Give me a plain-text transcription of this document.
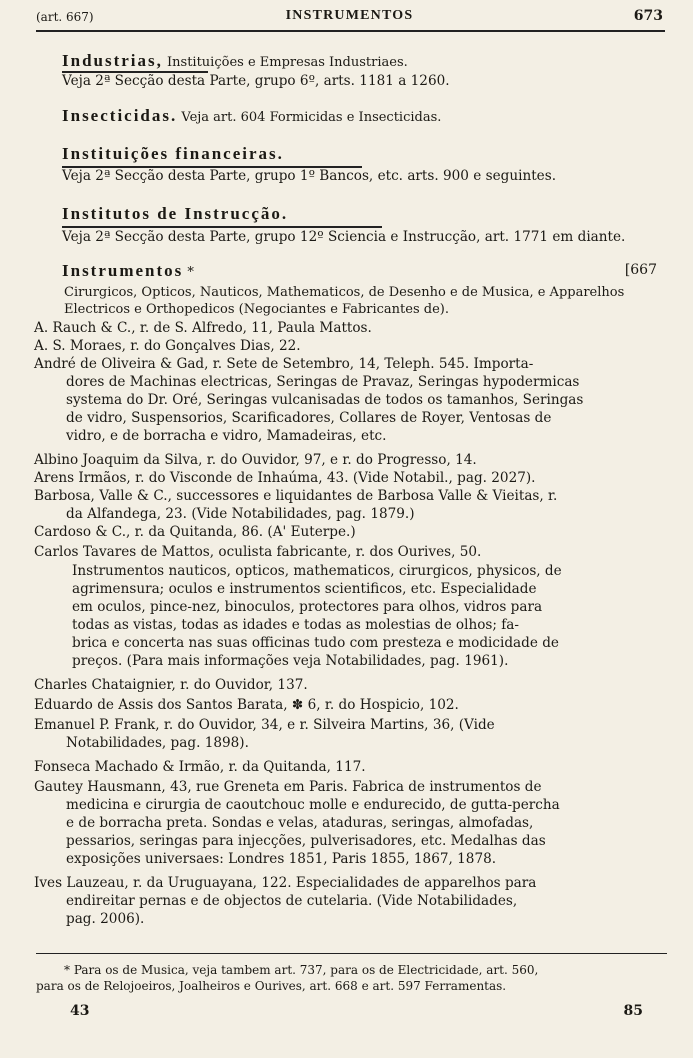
(art. 667)	INSTRUMENTOS	673
Industrias, Instituições e Empresas Industriaes.
Veja 2ª Secção desta Parte, grupo 6º, arts. 1181 a 1260.
Insecticidas. Veja art. 604 Formicidas e Insecticidas.
Instituições financeiras.
Veja 2ª Secção desta Parte, grupo 1º Bancos, etc. arts. 900 e seguintes.
Institutos de Instrucção.
Veja 2ª Secção desta Parte, grupo 12º Sciencia e Instrucção, art. 1771 em diante.
Instrumentos *	[667
Cirurgicos, Opticos, Nauticos, Mathematicos, de Desenho e de Musica, e Apparelhos
Electricos e Orthopedicos (Negociantes e Fabricantes de).
A. Rauch & C., r. de S. Alfredo, 11, Paula Mattos.
A. S. Moraes, r. do Gonçalves Dias, 22.
André de Oliveira & Gad, r. Sete de Setembro, 14, Teleph. 545. Importa-
dores de Machinas electricas, Seringas de Pravaz, Seringas hypodermicas
systema do Dr. Oré, Seringas vulcanisadas de todos os tamanhos, Seringas
de vidro, Suspensorios, Scarificadores, Collares de Royer, Ventosas de
vidro, e de borracha e vidro, Mamadeiras, etc.
Albino Joaquim da Silva, r. do Ouvidor, 97, e r. do Progresso, 14.
Arens Irmãos, r. do Visconde de Inhaúma, 43. (Vide Notabil., pag. 2027).
Barbosa, Valle & C., successores e liquidantes de Barbosa Valle & Vieitas, r.
da Alfandega, 23. (Vide Notabilidades, pag. 1879.)
Cardoso & C., r. da Quitanda, 86. (A' Euterpe.)
Carlos Tavares de Mattos, oculista fabricante, r. dos Ourives, 50.
Instrumentos nauticos, opticos, mathematicos, cirurgicos, physicos, de
agrimensura; oculos e instrumentos scientificos, etc. Especialidade
em oculos, pince-nez, binoculos, protectores para olhos, vidros para
todas as vistas, todas as idades e todas as molestias de olhos; fa-
brica e concerta nas suas officinas tudo com presteza e modicidade de
preços. (Para mais informações veja Notabilidades, pag. 1961).
Charles Chataignier, r. do Ouvidor, 137.
Eduardo de Assis dos Santos Barata, ✽ 6, r. do Hospicio, 102.
Emanuel P. Frank, r. do Ouvidor, 34, e r. Silveira Martins, 36, (Vide
Notabilidades, pag. 1898).
Fonseca Machado & Irmão, r. da Quitanda, 117.
Gautey Hausmann, 43, rue Greneta em Paris. Fabrica de instrumentos de
medicina e cirurgia de caoutchouc molle e endurecido, de gutta-percha
e de borracha preta. Sondas e velas, ataduras, seringas, almofadas,
pessarios, seringas para injecções, pulverisadores, etc. Medalhas das
exposições universaes: Londres 1851, Paris 1855, 1867, 1878.
Ives Lauzeau, r. da Uruguayana, 122. Especialidades de apparelhos para
endireitar pernas e de objectos de cutelaria. (Vide Notabilidades,
pag. 2006).
* Para os de Musica, veja tambem art. 737, para os de Electricidade, art. 560,
para os de Relojoeiros, Joalheiros e Ourives, art. 668 e art. 597 Ferramentas.
43	85
